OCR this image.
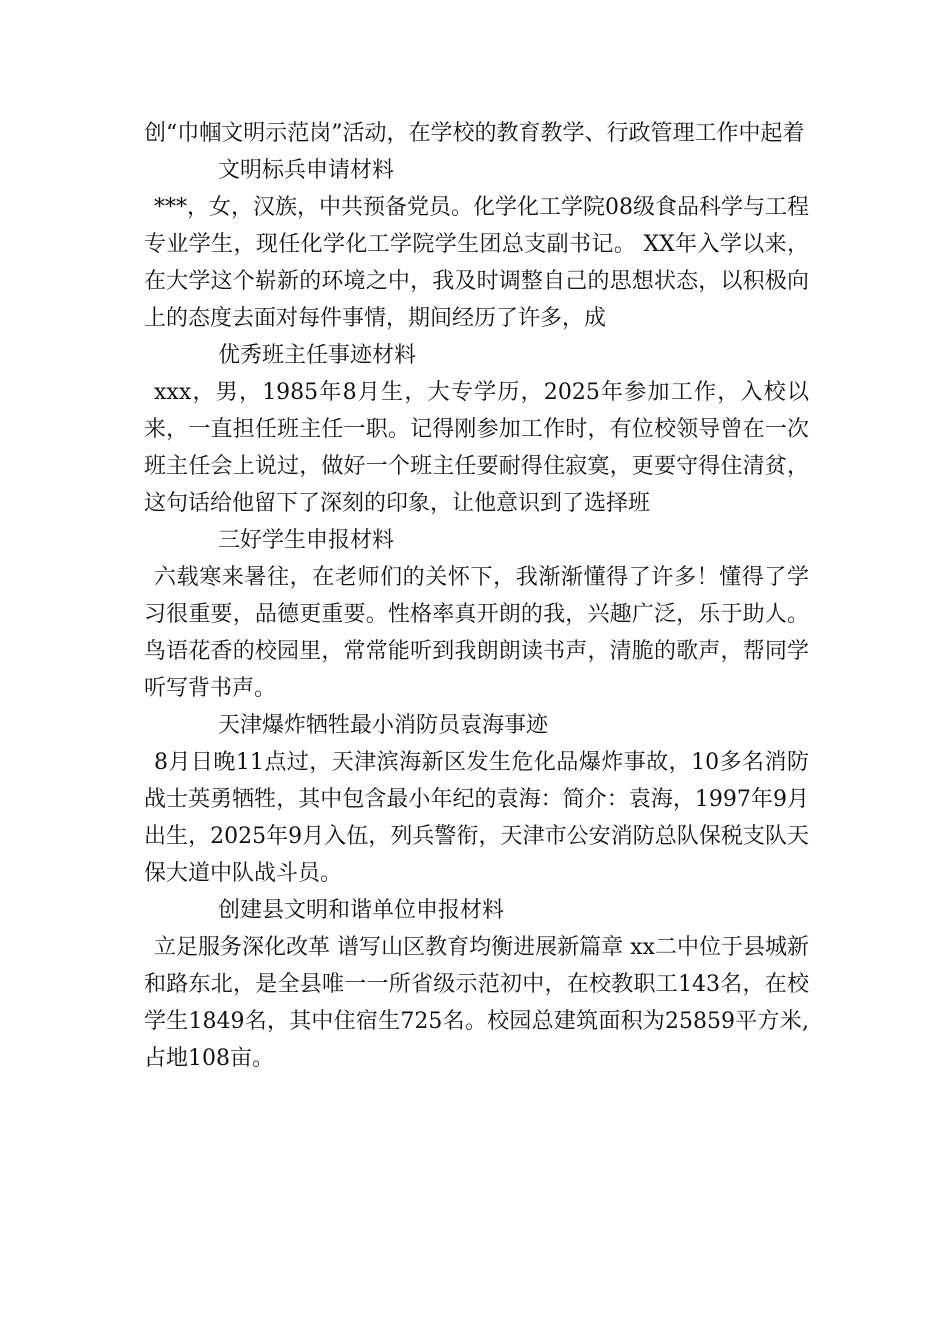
创“巾帼文明示范岗”活动，在学校的教育教学、行政管理工作中起着

文明标兵申请材料

***，女，汉族，中共预备党员。化学化工学院08级食品科学与工程专业学生，现任化学化工学院学生团总支副书记。 XX年入学以来，在大学这个崭新的环境之中，我及时调整自己的思想状态，以积极向上的态度去面对每件事情，期间经历了许多，成

优秀班主任事迹材料

xxx，男，1985年8月生，大专学历，2025年参加工作，入校以来，一直担任班主任一职。记得刚参加工作时，有位校领导曾在一次班主任会上说过，做好一个班主任要耐得住寂寞，更要守得住清贫，这句话给他留下了深刻的印象，让他意识到了选择班

三好学生申报材料

六载寒来暑往，在老师们的关怀下，我渐渐懂得了许多！懂得了学习很重要，品德更重要。性格率真开朗的我，兴趣广泛，乐于助人。鸟语花香的校园里，常常能听到我朗朗读书声，清脆的歌声，帮同学听写背书声。

天津爆炸牺牲最小消防员袁海事迹

8月日晚11点过，天津滨海新区发生危化品爆炸事故，10多名消防战士英勇牺牲，其中包含最小年纪的袁海：简介：袁海，1997年9月出生，2025年9月入伍，列兵警衔，天津市公安消防总队保税支队天保大道中队战斗员。

创建县文明和谐单位申报材料

立足服务深化改革 谱写山区教育均衡进展新篇章 xx二中位于县城新和路东北，是全县唯一一所省级示范初中，在校教职工143名，在校学生1849名，其中住宿生725名。校园总建筑面积为25859平方米,占地108亩。
